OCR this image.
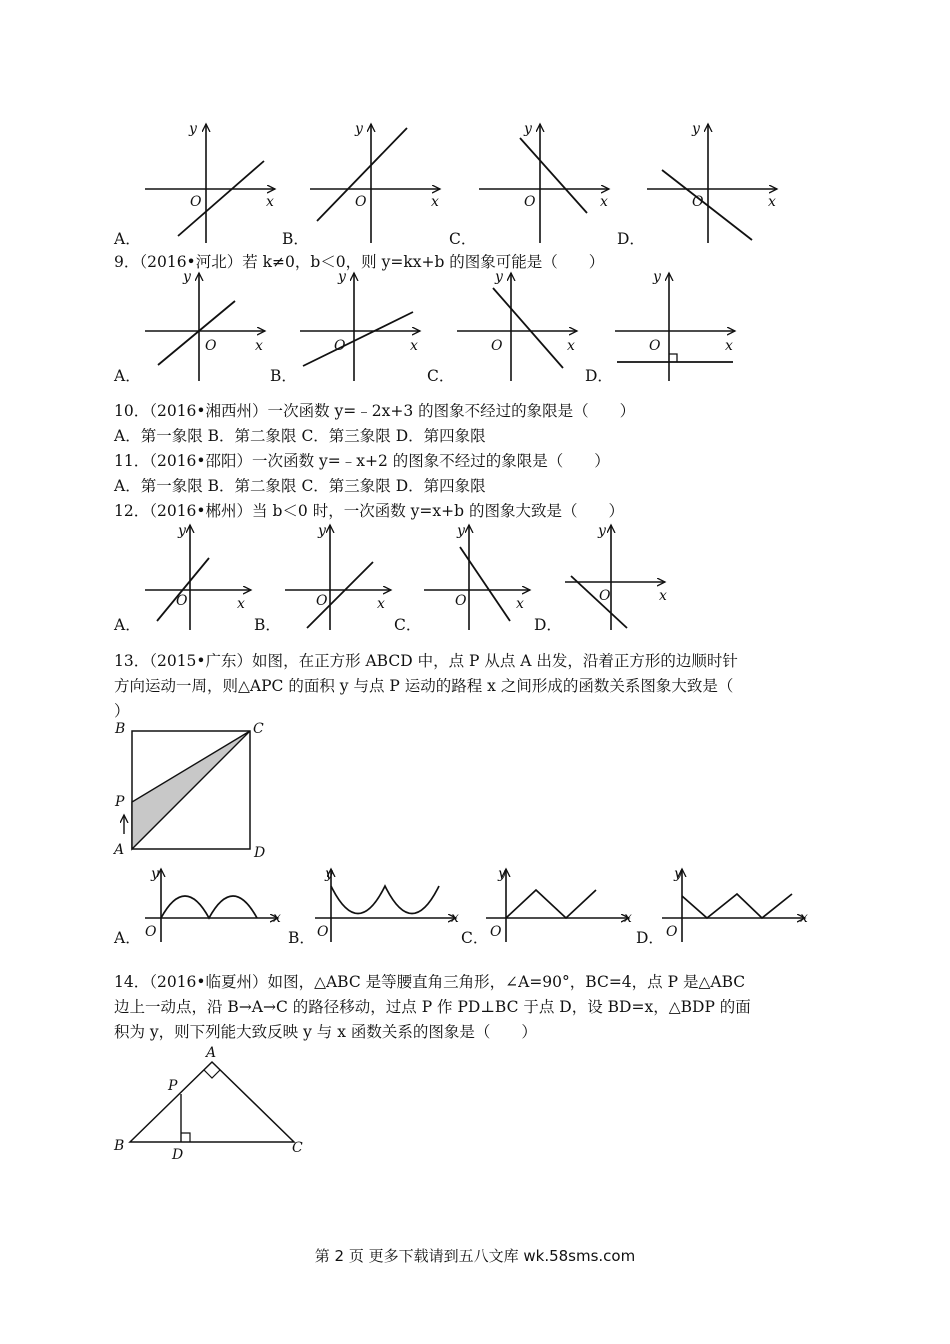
y
x
O
A．
y
x
O
B．
y
x
O
C．
y
x
O
D．
9．（2016•河北）若 k≠0，b＜0，则 y=kx+b 的图象可能是（　　）
y
x
O
A．
y
x
O
B．
y
x
O
C．
y
x
O
D．
10．（2016•湘西州）一次函数 y=﹣2x+3 的图象不经过的象限是（　　）
A．第一象限 B．第二象限 C．第三象限 D．第四象限
11．（2016•邵阳）一次函数 y=﹣x+2 的图象不经过的象限是（　　）
A．第一象限 B．第二象限 C．第三象限 D．第四象限
12．（2016•郴州）当 b＜0 时，一次函数 y=x+b 的图象大致是（　　）
y
x
O
A．
y
x
O
B．
y
x
O
C．
y
x
O
D．
13．（2015•广东）如图，在正方形 ABCD 中，点 P 从点 A 出发，沿着正方形的边顺时针
方向运动一周，则△APC 的面积 y 与点 P 运动的路程 x 之间形成的函数关系图象大致是（
）
B	C
P
A	D
y
x
O
A．
y
x
O
B．
y
x
O
C．
y
x
O
D．
14．（2016•临夏州）如图，△ABC 是等腰直角三角形，∠A=90°，BC=4，点 P 是△ABC
边上一动点，沿 B→A→C 的路径移动，过点 P 作 PD⊥BC 于点 D，设 BD=x，△BDP 的面
积为 y，则下列能大致反映 y 与 x 函数关系的图象是（　　）
A
P
B
D	C
第 2 页 更多下载请到五八文库 wk.58sms.com
